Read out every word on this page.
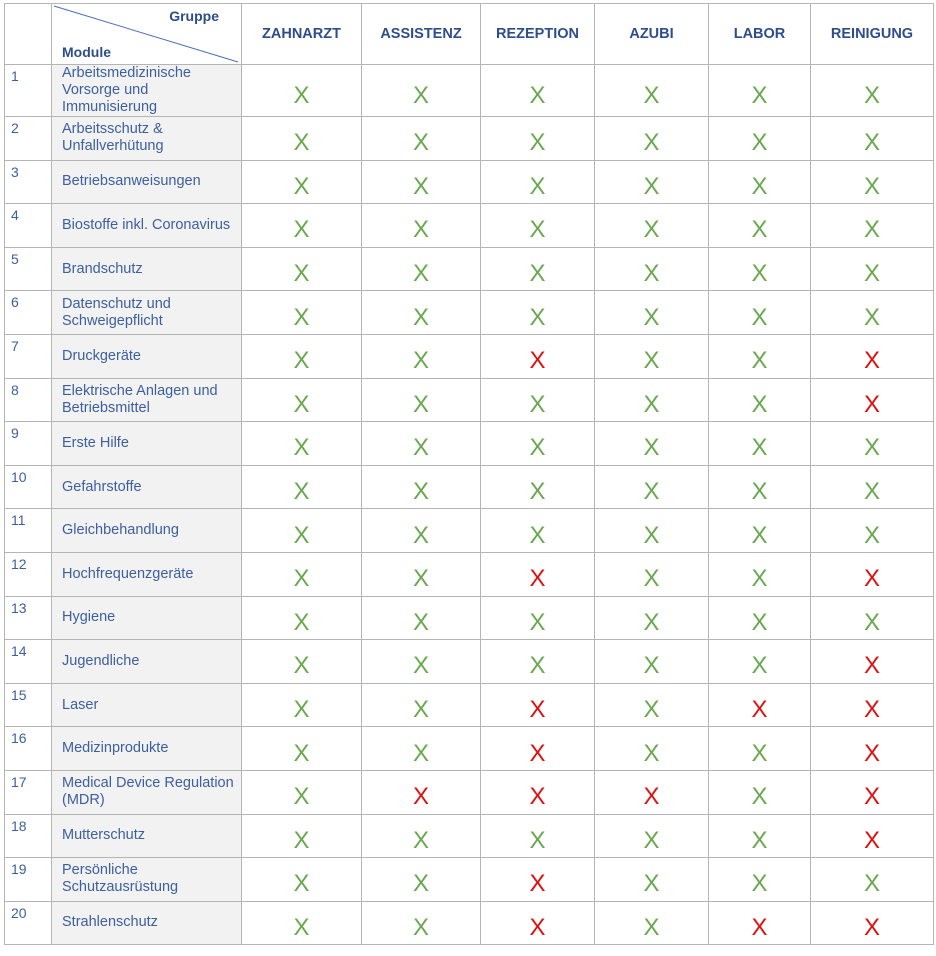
	Gruppe
Module	ZAHNARZT	ASSISTENZ	REZEPTION	AZUBI	LABOR	REINIGUNG
1	Arbeitsmedizinische Vorsorge und Immunisierung	X	X	X	X	X	X
2	Arbeitsschutz & Unfallverhütung	X	X	X	X	X	X
3	Betriebsanweisungen	X	X	X	X	X	X
4	Biostoffe inkl. Coronavirus	X	X	X	X	X	X
5	Brandschutz	X	X	X	X	X	X
6	Datenschutz und Schweigepflicht	X	X	X	X	X	X
7	Druckgeräte	X	X	X	X	X	X
8	Elektrische Anlagen und Betriebsmittel	X	X	X	X	X	X
9	Erste Hilfe	X	X	X	X	X	X
10	Gefahrstoffe	X	X	X	X	X	X
11	Gleichbehandlung	X	X	X	X	X	X
12	Hochfrequenzgeräte	X	X	X	X	X	X
13	Hygiene	X	X	X	X	X	X
14	Jugendliche	X	X	X	X	X	X
15	Laser	X	X	X	X	X	X
16	Medizinprodukte	X	X	X	X	X	X
17	Medical Device Regulation (MDR)	X	X	X	X	X	X
18	Mutterschutz	X	X	X	X	X	X
19	Persönliche Schutzausrüstung	X	X	X	X	X	X
20	Strahlenschutz	X	X	X	X	X	X
